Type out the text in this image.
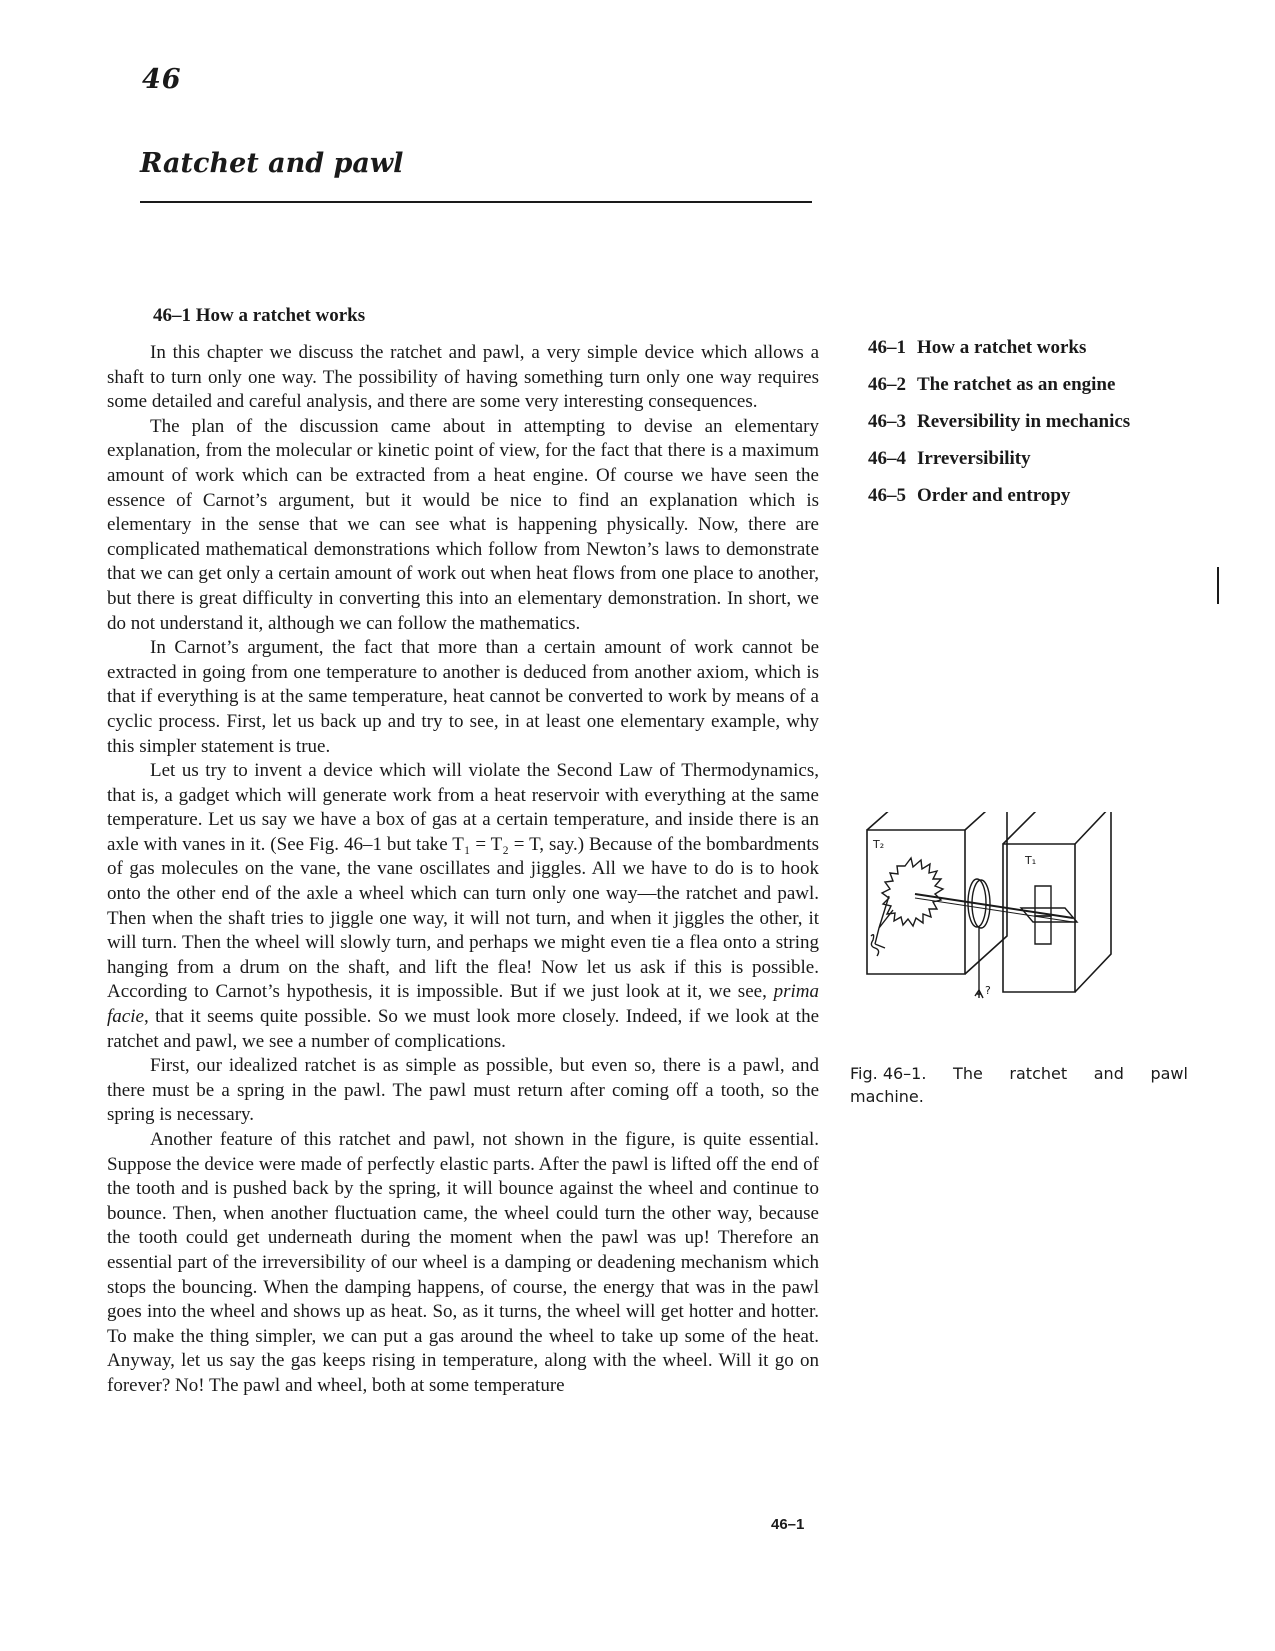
46
Ratchet and pawl
46–1 How a ratchet works

In this chapter we discuss the ratchet and pawl, a very simple device which allows a shaft to turn only one way. The possibility of having something turn only one way requires some detailed and careful analysis, and there are some very interesting consequences.

The plan of the discussion came about in attempting to devise an elementary explanation, from the molecular or kinetic point of view, for the fact that there is a maximum amount of work which can be extracted from a heat engine. Of course we have seen the essence of Carnot’s argument, but it would be nice to find an explanation which is elementary in the sense that we can see what is happening physically. Now, there are complicated mathematical demonstrations which follow from Newton’s laws to demonstrate that we can get only a certain amount of work out when heat flows from one place to another, but there is great difficulty in converting this into an elementary demonstration. In short, we do not understand it, although we can follow the mathematics.

In Carnot’s argument, the fact that more than a certain amount of work cannot be extracted in going from one temperature to another is deduced from another axiom, which is that if everything is at the same temperature, heat cannot be converted to work by means of a cyclic process. First, let us back up and try to see, in at least one elementary example, why this simpler statement is true.

Let us try to invent a device which will violate the Second Law of Thermodynamics, that is, a gadget which will generate work from a heat reservoir with everything at the same temperature. Let us say we have a box of gas at a certain temperature, and inside there is an axle with vanes in it. (See Fig. 46–1 but take T₁ = T₂ = T, say.) Because of the bombardments of gas molecules on the vane, the vane oscillates and jiggles. All we have to do is to hook onto the other end of the axle a wheel which can turn only one way—the ratchet and pawl. Then when the shaft tries to jiggle one way, it will not turn, and when it jiggles the other, it will turn. Then the wheel will slowly turn, and perhaps we might even tie a flea onto a string hanging from a drum on the shaft, and lift the flea! Now let us ask if this is possible. According to Carnot’s hypothesis, it is impossible. But if we just look at it, we see, prima facie, that it seems quite possible. So we must look more closely. Indeed, if we look at the ratchet and pawl, we see a number of complications.

First, our idealized ratchet is as simple as possible, but even so, there is a pawl, and there must be a spring in the pawl. The pawl must return after coming off a tooth, so the spring is necessary.

Another feature of this ratchet and pawl, not shown in the figure, is quite essential. Suppose the device were made of perfectly elastic parts. After the pawl is lifted off the end of the tooth and is pushed back by the spring, it will bounce against the wheel and continue to bounce. Then, when another fluctuation came, the wheel could turn the other way, because the tooth could get underneath during the moment when the pawl was up! Therefore an essential part of the irreversibility of our wheel is a damping or deadening mechanism which stops the bouncing. When the damping happens, of course, the energy that was in the pawl goes into the wheel and shows up as heat. So, as it turns, the wheel will get hotter and hotter. To make the thing simpler, we can put a gas around the wheel to take up some of the heat. Anyway, let us say the gas keeps rising in temperature, along with the wheel. Will it go on forever? No! The pawl and wheel, both at some temperature

46–1 How a ratchet works
46–2 The ratchet as an engine
46–3 Reversibility in mechanics
46–4 Irreversibility
46–5 Order and entropy
T₂
T₁
?
Fig. 46–1. The ratchet and pawl
machine.
46–1
